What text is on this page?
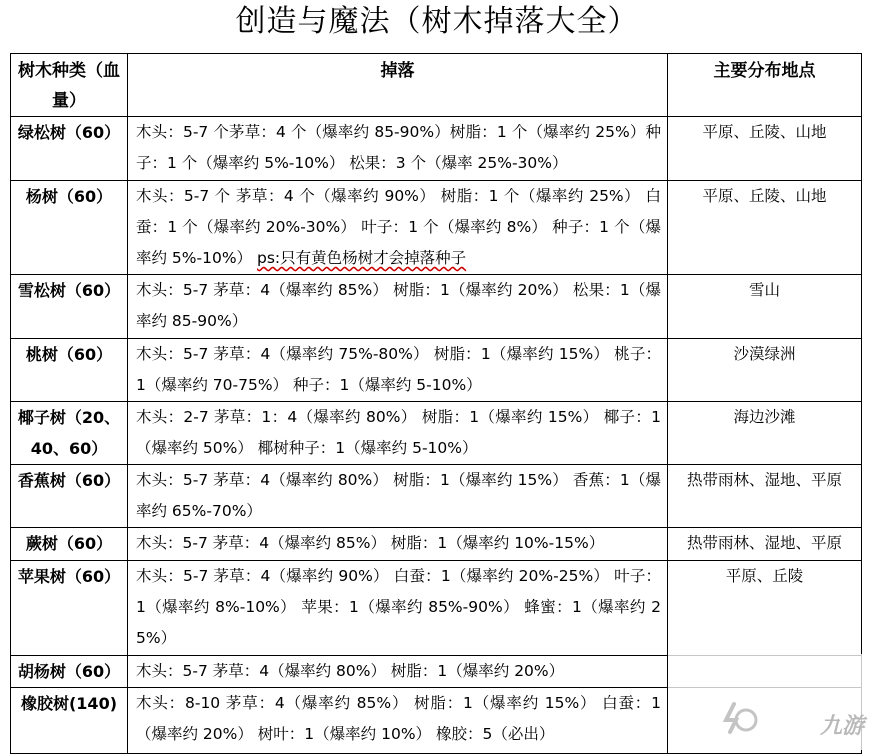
创造与魔法（树木掉落大全）
树木种类（血量）	掉落	主要分布地点
绿松树（60）	木头：5-7 个茅草：4 个（爆率约 85-90%）树脂：1 个（爆率约 25%）种子：1 个（爆率约 5%-10%） 松果：3 个（爆率 25%-30%）	平原、丘陵、山地
杨树（60）	木头：5-7 个 茅草：4 个（爆率约 90%） 树脂：1 个（爆率约 25%） 白蚕：1 个（爆率约 20%-30%） 叶子：1 个（爆率约 8%） 种子：1 个（爆率约 5%-10%） ps:只有黄色杨树才会掉落种子	平原、丘陵、山地
雪松树（60）	木头：5-7 茅草：4（爆率约 85%） 树脂：1（爆率约 20%） 松果：1（爆率约 85-90%）	雪山
桃树（60）	木头：5-7 茅草：4（爆率约 75%-80%） 树脂：1（爆率约 15%） 桃子：1（爆率约 70-75%） 种子：1（爆率约 5-10%）	沙漠绿洲
椰子树（20、40、60）	木头：2-7 茅草：1：4（爆率约 80%） 树脂：1（爆率约 15%） 椰子：1（爆率约 50%） 椰树种子：1（爆率约 5-10%）	海边沙滩
香蕉树（60）	木头：5-7 茅草：4（爆率约 80%） 树脂：1（爆率约 15%） 香蕉：1（爆率约 65%-70%）	热带雨林、湿地、平原
蕨树（60）	木头：5-7 茅草：4（爆率约 85%） 树脂：1（爆率约 10%-15%）	热带雨林、湿地、平原
苹果树（60）	木头：5-7 茅草：4（爆率约 90%） 白蚕：1（爆率约 20%-25%） 叶子：1（爆率约 8%-10%） 苹果：1（爆率约 85%-90%） 蜂蜜：1（爆率约 25%）	平原、丘陵
胡杨树（60）	木头：5-7 茅草：4（爆率约 80%） 树脂：1（爆率约 20%）	
橡胶树(140)	木头：8-10 茅草：4（爆率约 85%） 树脂：1（爆率约 15%） 白蚕：1（爆率约 20%） 树叶：1（爆率约 10%） 橡胶：5（必出）		九游
